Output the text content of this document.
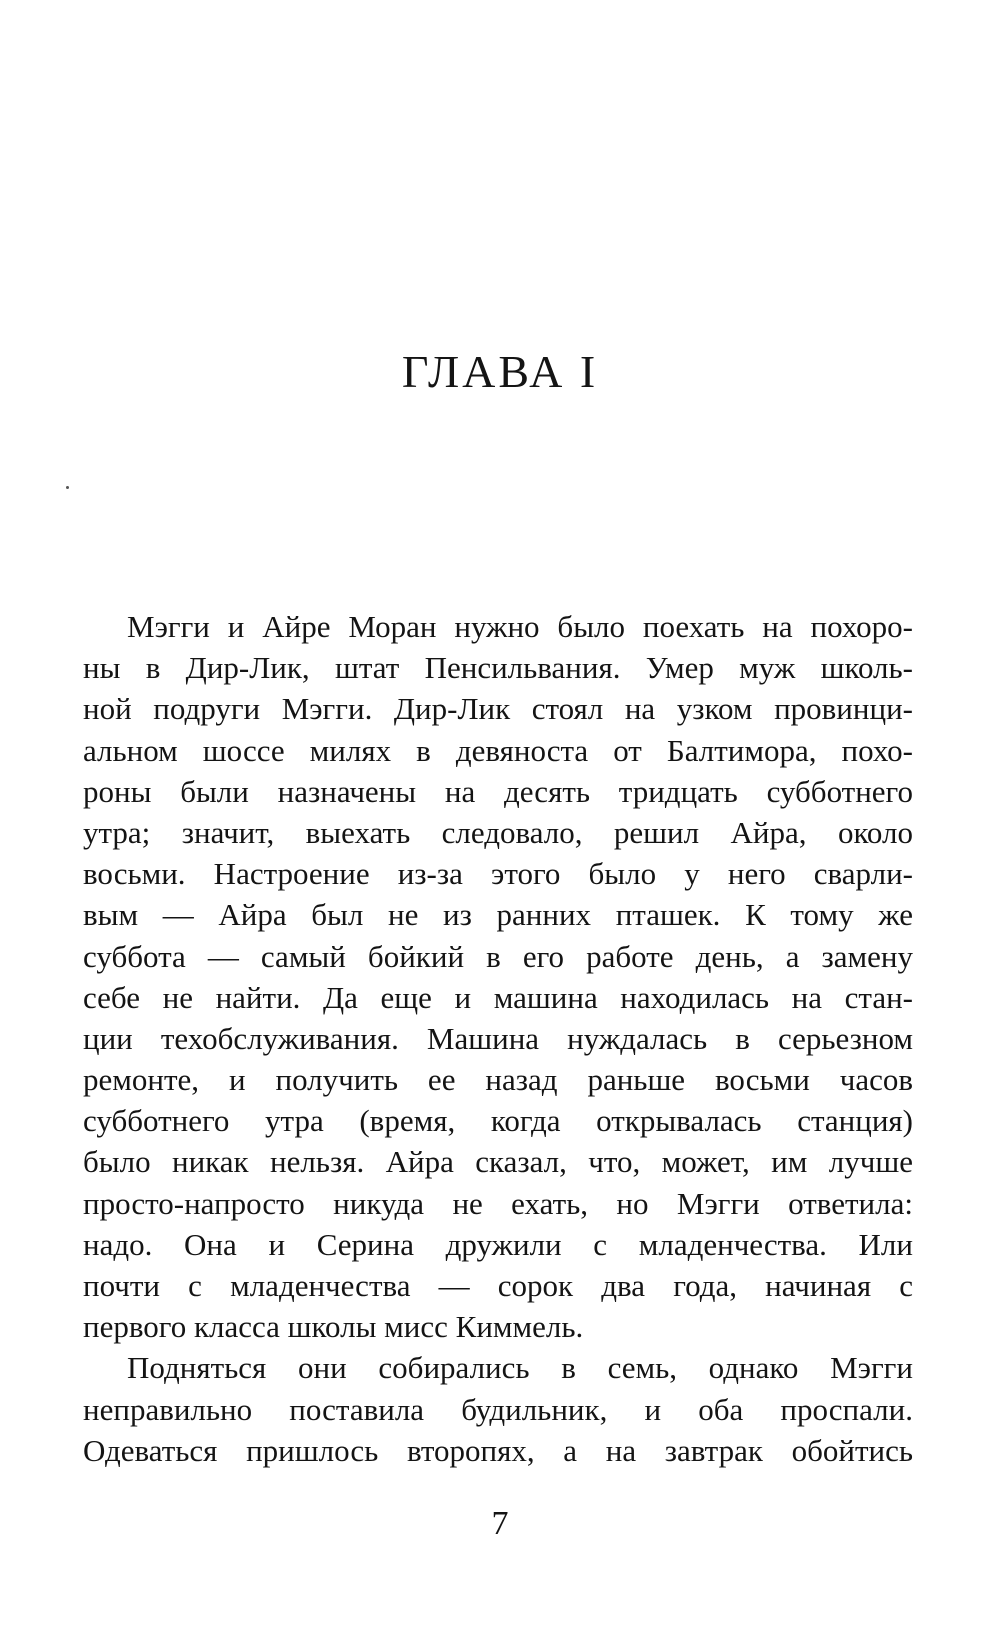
ГЛАВА I
Мэгги и Айре Моран нужно было поехать на похоро-
ны в Дир-Лик, штат Пенсильвания. Умер муж школь-
ной подруги Мэгги. Дир-Лик стоял на узком провинци-
альном шоссе милях в девяноста от Балтимора, похо-
роны были назначены на десять тридцать субботнего
утра; значит, выехать следовало, решил Айра, около
восьми. Настроение из-за этого было у него сварли-
вым — Айра был не из ранних пташек. К тому же
суббота — самый бойкий в его работе день, а замену
себе не найти. Да еще и машина находилась на стан-
ции техобслуживания. Машина нуждалась в серьезном
ремонте, и получить ее назад раньше восьми часов
субботнего утра (время, когда открывалась станция)
было никак нельзя. Айра сказал, что, может, им лучше
просто-напросто никуда не ехать, но Мэгги ответила:
надо. Она и Серина дружили с младенчества. Или
почти с младенчества — сорок два года, начиная с
первого класса школы мисс Киммель.
Подняться они собирались в семь, однако Мэгги
неправильно поставила будильник, и оба проспали.
Одеваться пришлось второпях, а на завтрак обойтись
7
